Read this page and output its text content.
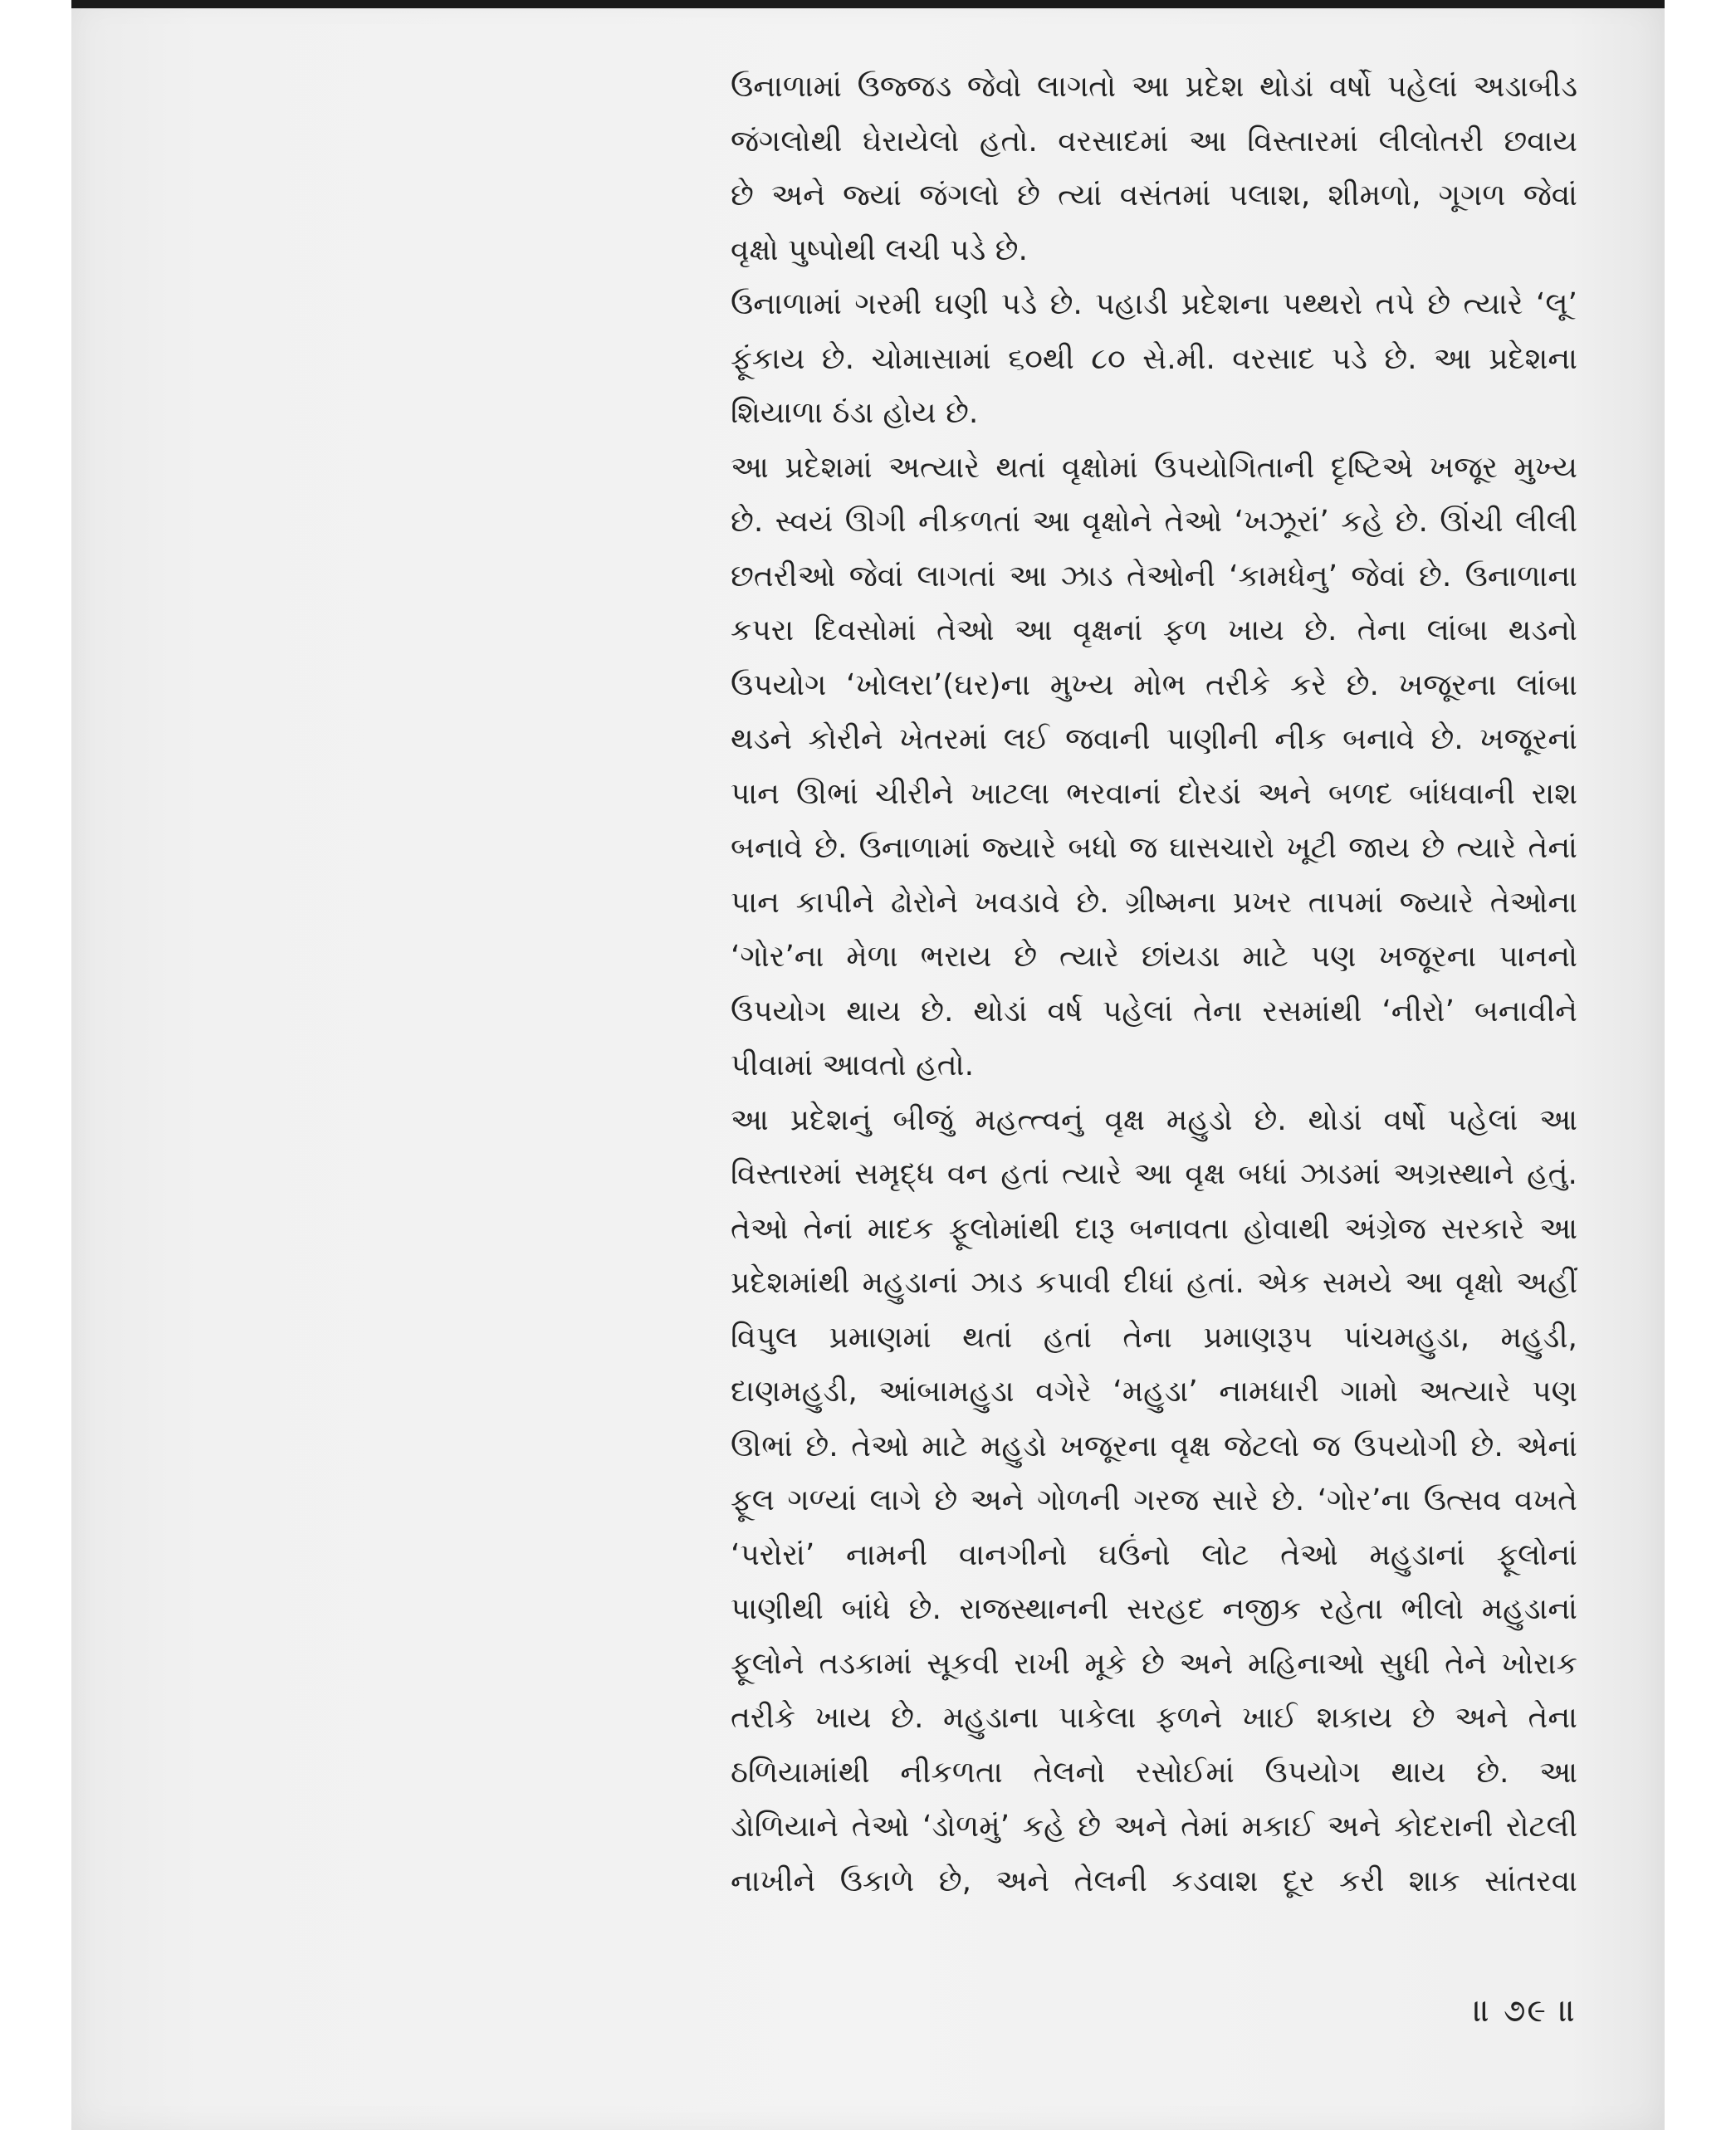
ઉનાળામાં ઉજ્જડ જેવો લાગતો આ પ્રદેશ થોડાં વર્ષો પહેલાં અડાબીડ
જંગલોથી ઘેરાયેલો હતો. વરસાદમાં આ વિસ્તારમાં લીલોતરી છવાય
છે અને જ્યાં જંગલો છે ત્યાં વસંતમાં પલાશ, શીમળો, ગૂગળ જેવાં
વૃક્ષો પુષ્પોથી લચી પડે છે.
ઉનાળામાં ગરમી ઘણી પડે છે. પહાડી પ્રદેશના પથ્થરો તપે છે ત્યારે ‘લૂ’
ફૂંકાય છે. ચોમાસામાં ૬૦થી ૮૦ સે.મી. વરસાદ પડે છે. આ પ્રદેશના
શિયાળા ઠંડા હોય છે.
આ પ્રદેશમાં અત્યારે થતાં વૃક્ષોમાં ઉપયોગિતાની દૃષ્ટિએ ખજૂર મુખ્ય
છે. સ્વયં ઊગી નીકળતાં આ વૃક્ષોને તેઓ ‘ખઝૂરાં’ કહે છે. ઊંચી લીલી
છતરીઓ જેવાં લાગતાં આ ઝાડ તેઓની ‘કામધેનુ’ જેવાં છે. ઉનાળાના
કપરા દિવસોમાં તેઓ આ વૃક્ષનાં ફળ ખાય છે. તેના લાંબા થડનો
ઉપયોગ ‘ખોલરા’(ઘર)ના મુખ્ય મોભ તરીકે કરે છે. ખજૂરના લાંબા
થડને કોરીને ખેતરમાં લઈ જવાની પાણીની નીક બનાવે છે. ખજૂરનાં
પાન ઊભાં ચીરીને ખાટલા ભરવાનાં દોરડાં અને બળદ બાંધવાની રાશ
બનાવે છે. ઉનાળામાં જ્યારે બધો જ ઘાસચારો ખૂટી જાય છે ત્યારે તેનાં
પાન કાપીને ઢોરોને ખવડાવે છે. ગ્રીષ્મના પ્રખર તાપમાં જ્યારે તેઓના
‘ગોર’ના મેળા ભરાય છે ત્યારે છાંયડા માટે પણ ખજૂરના પાનનો
ઉપયોગ થાય છે. થોડાં વર્ષ પહેલાં તેના રસમાંથી ‘નીરો’ બનાવીને
પીવામાં આવતો હતો.
આ પ્રદેશનું બીજું મહત્ત્વનું વૃક્ષ મહુડો છે. થોડાં વર્ષો પહેલાં આ
વિસ્તારમાં સમૃદ્ધ વન હતાં ત્યારે આ વૃક્ષ બધાં ઝાડમાં અગ્રસ્થાને હતું.
તેઓ તેનાં માદક ફૂલોમાંથી દારૂ બનાવતા હોવાથી અંગ્રેજ સરકારે આ
પ્રદેશમાંથી મહુડાનાં ઝાડ કપાવી દીધાં હતાં. એક સમયે આ વૃક્ષો અહીં
વિપુલ પ્રમાણમાં થતાં હતાં તેના પ્રમાણરૂપ પાંચમહુડા, મહુડી,
દાણમહુડી, આંબામહુડા વગેરે ‘મહુડા’ નામધારી ગામો અત્યારે પણ
ઊભાં છે. તેઓ માટે મહુડો ખજૂરના વૃક્ષ જેટલો જ ઉપયોગી છે. એનાં
ફૂલ ગળ્યાં લાગે છે અને ગોળની ગરજ સારે છે. ‘ગોર’ના ઉત્સવ વખતે
‘પરોરાં’ નામની વાનગીનો ઘઉંનો લોટ તેઓ મહુડાનાં ફૂલોનાં
પાણીથી બાંધે છે. રાજસ્થાનની સરહદ નજીક રહેતા ભીલો મહુડાનાં
ફૂલોને તડકામાં સૂકવી રાખી મૂકે છે અને મહિનાઓ સુધી તેને ખોરાક
તરીકે ખાય છે. મહુડાના પાકેલા ફળને ખાઈ શકાય છે અને તેના
ઠળિયામાંથી નીકળતા તેલનો રસોઈમાં ઉપયોગ થાય છે. આ
ડોળિયાને તેઓ ‘ડોળમું’ કહે છે અને તેમાં મકાઈ અને કોદરાની રોટલી
નાખીને ઉકાળે છે, અને તેલની કડવાશ દૂર કરી શાક સાંતરવા
॥ ૭૯ ॥
